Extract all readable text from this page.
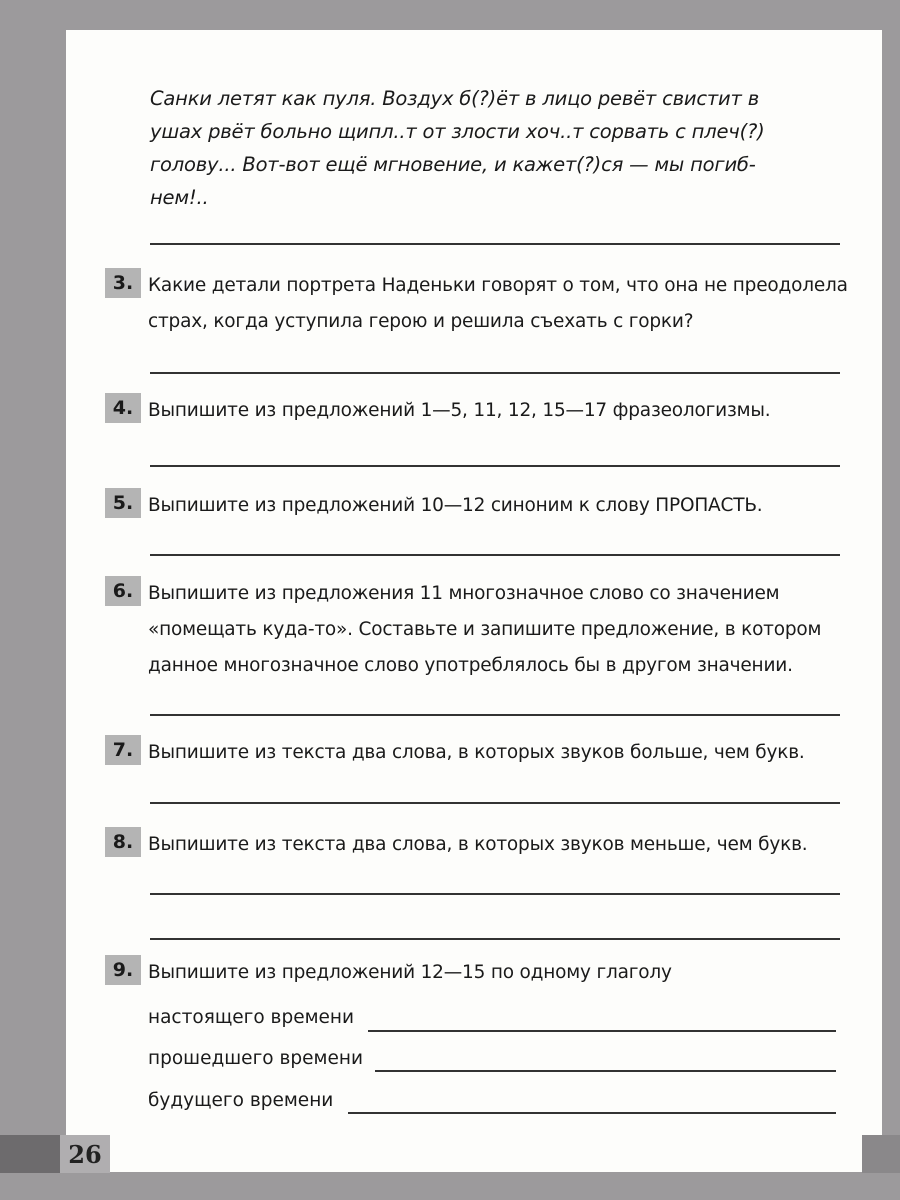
Санки летят как пуля. Воздух б(?)ёт в лицо ревёт свистит в
ушах рвёт больно щипл..т от злости хоч..т сорвать с плеч(?)
голову... Вот-вот ещё мгновение, и кажет(?)ся — мы погиб-
нем!..
3. Какие детали портрета Наденьки говорят о том, что она не преодолела страх, когда уступила герою и решила съехать с горки?
4. Выпишите из предложений 1—5, 11, 12, 15—17 фразеологизмы.
5. Выпишите из предложений 10—12 синоним к слову ПРОПАСТЬ.
6. Выпишите из предложения 11 многозначное слово со значением «помещать куда-то». Составьте и запишите предложение, в котором данное многозначное слово употреблялось бы в другом значении.
7. Выпишите из текста два слова, в которых звуков больше, чем букв.
8. Выпишите из текста два слова, в которых звуков меньше, чем букв.
9. Выпишите из предложений 12—15 по одному глаголу
настоящего времени
прошедшего времени
будущего времени
26
